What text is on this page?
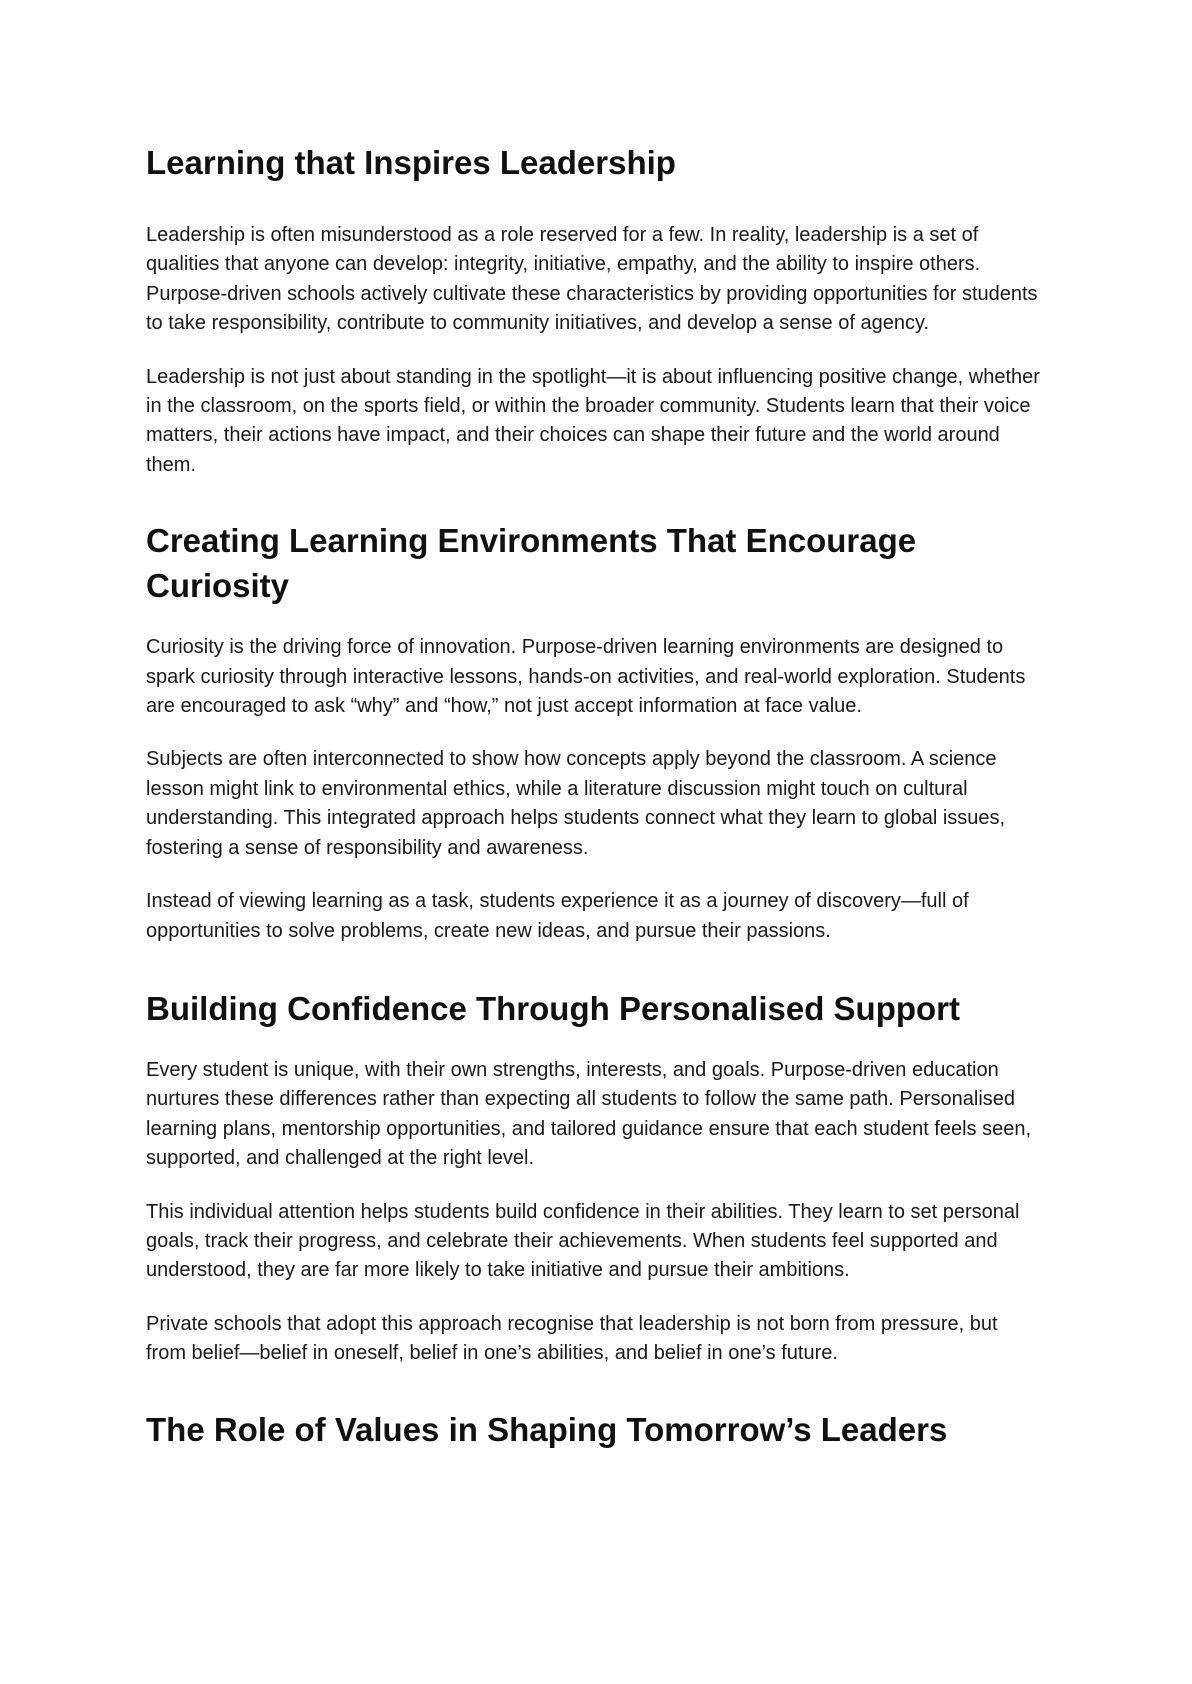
Learning that Inspires Leadership

Leadership is often misunderstood as a role reserved for a few. In reality, leadership is a set of qualities that anyone can develop: integrity, initiative, empathy, and the ability to inspire others. Purpose-driven schools actively cultivate these characteristics by providing opportunities for students to take responsibility, contribute to community initiatives, and develop a sense of agency.

Leadership is not just about standing in the spotlight—it is about influencing positive change, whether in the classroom, on the sports field, or within the broader community. Students learn that their voice matters, their actions have impact, and their choices can shape their future and the world around them.

Creating Learning Environments That Encourage Curiosity

Curiosity is the driving force of innovation. Purpose-driven learning environments are designed to spark curiosity through interactive lessons, hands-on activities, and real-world exploration. Students are encouraged to ask “why” and “how,” not just accept information at face value.

Subjects are often interconnected to show how concepts apply beyond the classroom. A science lesson might link to environmental ethics, while a literature discussion might touch on cultural understanding. This integrated approach helps students connect what they learn to global issues, fostering a sense of responsibility and awareness.

Instead of viewing learning as a task, students experience it as a journey of discovery—full of opportunities to solve problems, create new ideas, and pursue their passions.

Building Confidence Through Personalised Support

Every student is unique, with their own strengths, interests, and goals. Purpose-driven education nurtures these differences rather than expecting all students to follow the same path. Personalised learning plans, mentorship opportunities, and tailored guidance ensure that each student feels seen, supported, and challenged at the right level.

This individual attention helps students build confidence in their abilities. They learn to set personal goals, track their progress, and celebrate their achievements. When students feel supported and understood, they are far more likely to take initiative and pursue their ambitions.

Private schools that adopt this approach recognise that leadership is not born from pressure, but from belief—belief in oneself, belief in one’s abilities, and belief in one’s future.

The Role of Values in Shaping Tomorrow’s Leaders
